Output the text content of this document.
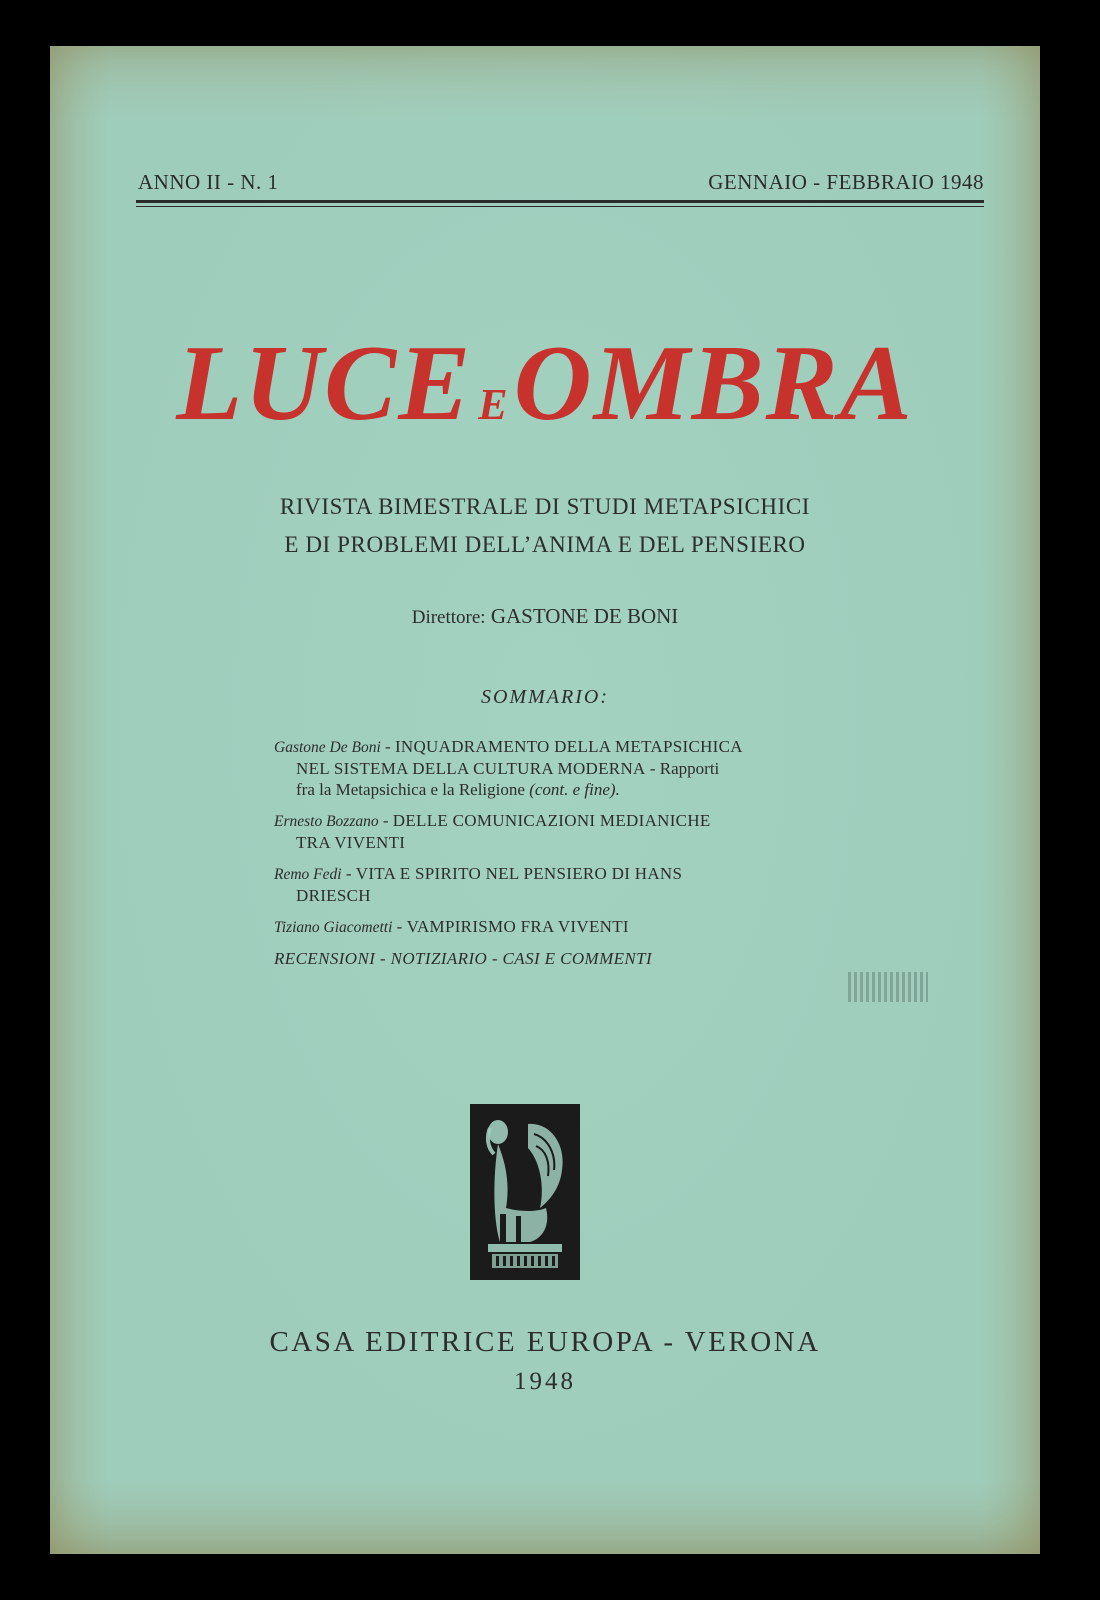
ANNO II - N. 1	GENNAIO - FEBBRAIO 1948
LUCE EOMBRA
RIVISTA BIMESTRALE DI STUDI METAPSICHICI
E DI PROBLEMI DELL’ANIMA E DEL PENSIERO
Direttore: GASTONE DE BONI
SOMMARIO:
Gastone De Boni - INQUADRAMENTO DELLA METAPSICHICA
NEL SISTEMA DELLA CULTURA MODERNA - Rapporti
fra la Metapsichica e la Religione (cont. e fine).
Ernesto Bozzano - DELLE COMUNICAZIONI MEDIANICHE
TRA VIVENTI
Remo Fedi - VITA E SPIRITO NEL PENSIERO DI HANS
DRIESCH
Tiziano Giacometti - VAMPIRISMO FRA VIVENTI
RECENSIONI - NOTIZIARIO - CASI E COMMENTI
CASA EDITRICE EUROPA - VERONA
1948
